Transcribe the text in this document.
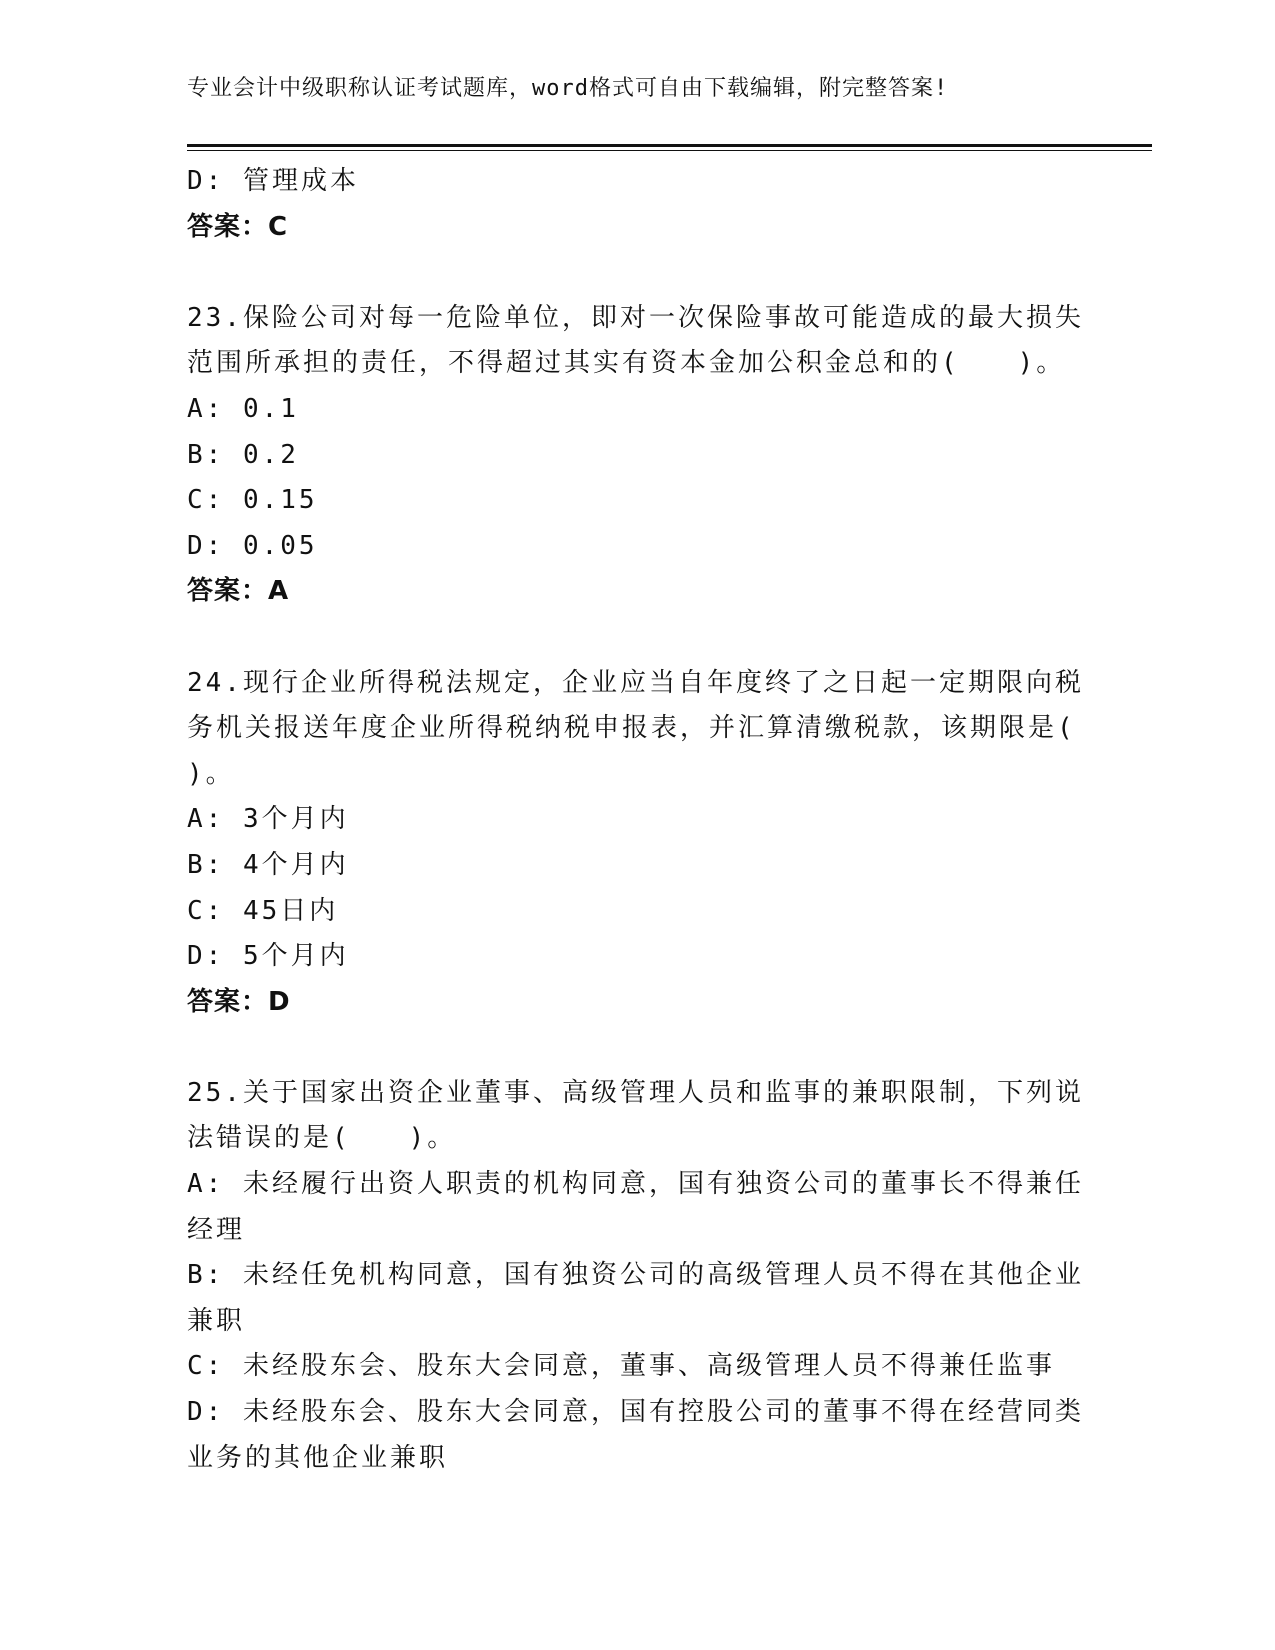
专业会计中级职称认证考试题库，word格式可自由下载编辑，附完整答案!
D: 管理成本
答案：C
23.保险公司对每一危险单位，即对一次保险事故可能造成的最大损失
范围所承担的责任，不得超过其实有资本金加公积金总和的(　　)。
A: 0.1
B: 0.2
C: 0.15
D: 0.05
答案：A
24.现行企业所得税法规定，企业应当自年度终了之日起一定期限向税
务机关报送年度企业所得税纳税申报表，并汇算清缴税款，该期限是(
)。
A: 3个月内
B: 4个月内
C: 45日内
D: 5个月内
答案：D
25.关于国家出资企业董事、高级管理人员和监事的兼职限制，下列说
法错误的是(　　)。
A: 未经履行出资人职责的机构同意，国有独资公司的董事长不得兼任
经理
B: 未经任免机构同意，国有独资公司的高级管理人员不得在其他企业
兼职
C: 未经股东会、股东大会同意，董事、高级管理人员不得兼任监事
D: 未经股东会、股东大会同意，国有控股公司的董事不得在经营同类
业务的其他企业兼职
